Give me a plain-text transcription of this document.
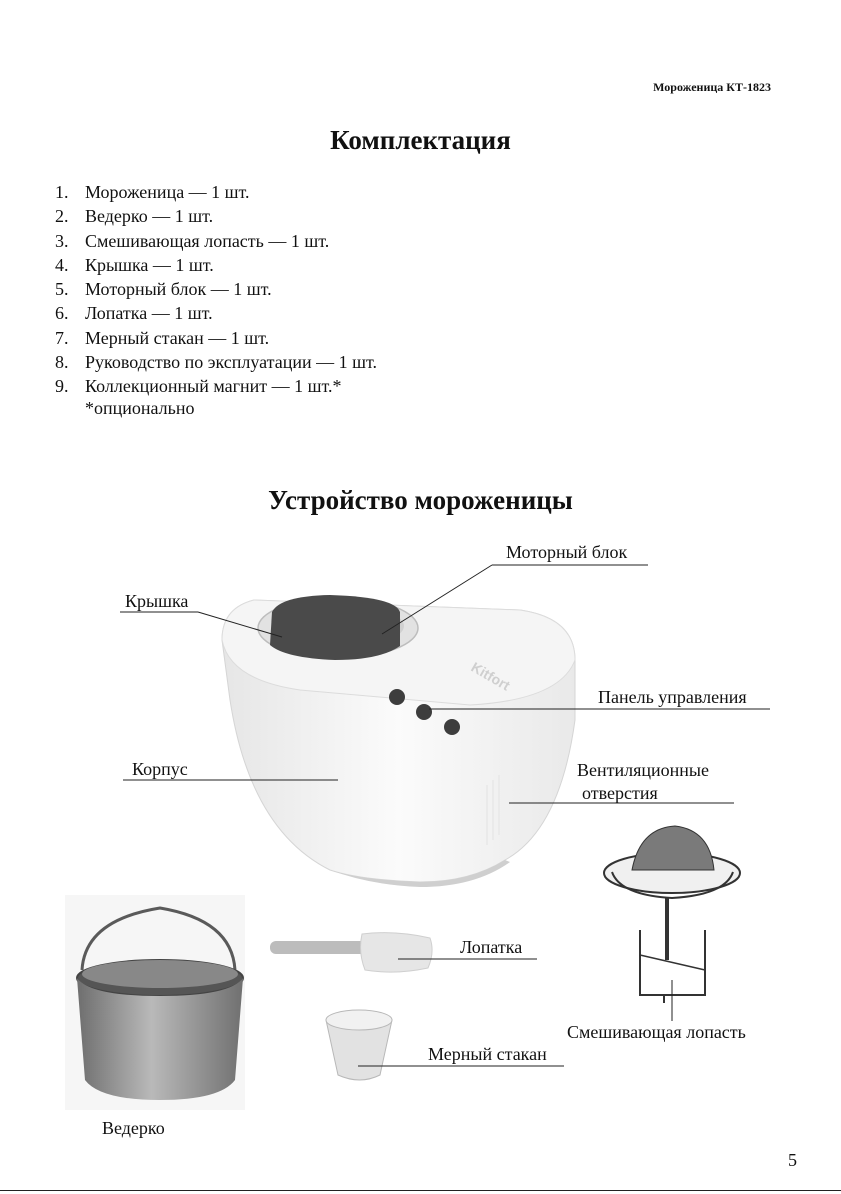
Мороженица КТ-1823
Комплектация
1. Мороженица — 1 шт.
2. Ведерко — 1 шт.
3. Смешивающая лопасть — 1 шт.
4. Крышка — 1 шт.
5. Моторный блок — 1 шт.
6. Лопатка — 1 шт.
7. Мерный стакан — 1 шт.
8. Руководство по эксплуатации — 1 шт.
9. Коллекционный магнит — 1 шт.*
*опционально
Устройство мороженицы
Kitfort
Моторный блок
Крышка
Панель управления
Корпус	Вентиляционные
отверстия
Лопатка
Смешивающая лопасть
Мерный стакан
Ведерко
5
